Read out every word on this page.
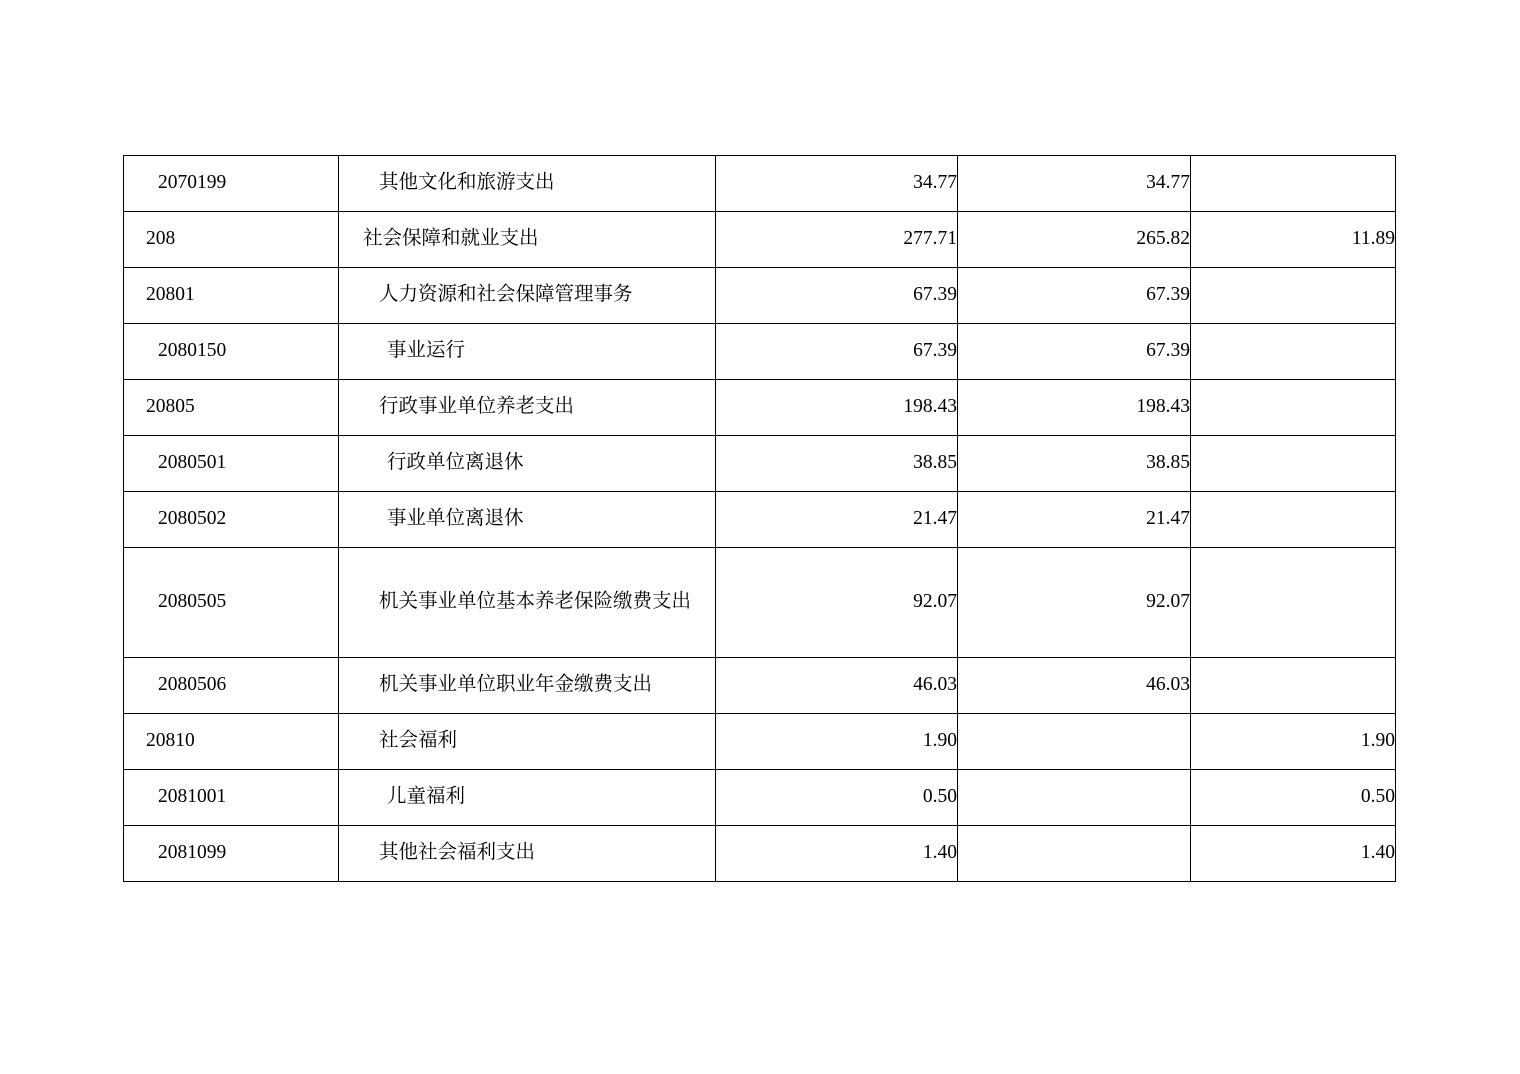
2070199	其他文化和旅游支出	34.77	34.77	
208	社会保障和就业支出	277.71	265.82	11.89
20801	人力资源和社会保障管理事务	67.39	67.39	
2080150	事业运行	67.39	67.39	
20805	行政事业单位养老支出	198.43	198.43	
2080501	行政单位离退休	38.85	38.85	
2080502	事业单位离退休	21.47	21.47	
2080505	机关事业单位基本养老保险缴费支出	92.07	92.07	
2080506	机关事业单位职业年金缴费支出	46.03	46.03	
20810	社会福利	1.90		1.90
2081001	儿童福利	0.50		0.50
2081099	其他社会福利支出	1.40		1.40
